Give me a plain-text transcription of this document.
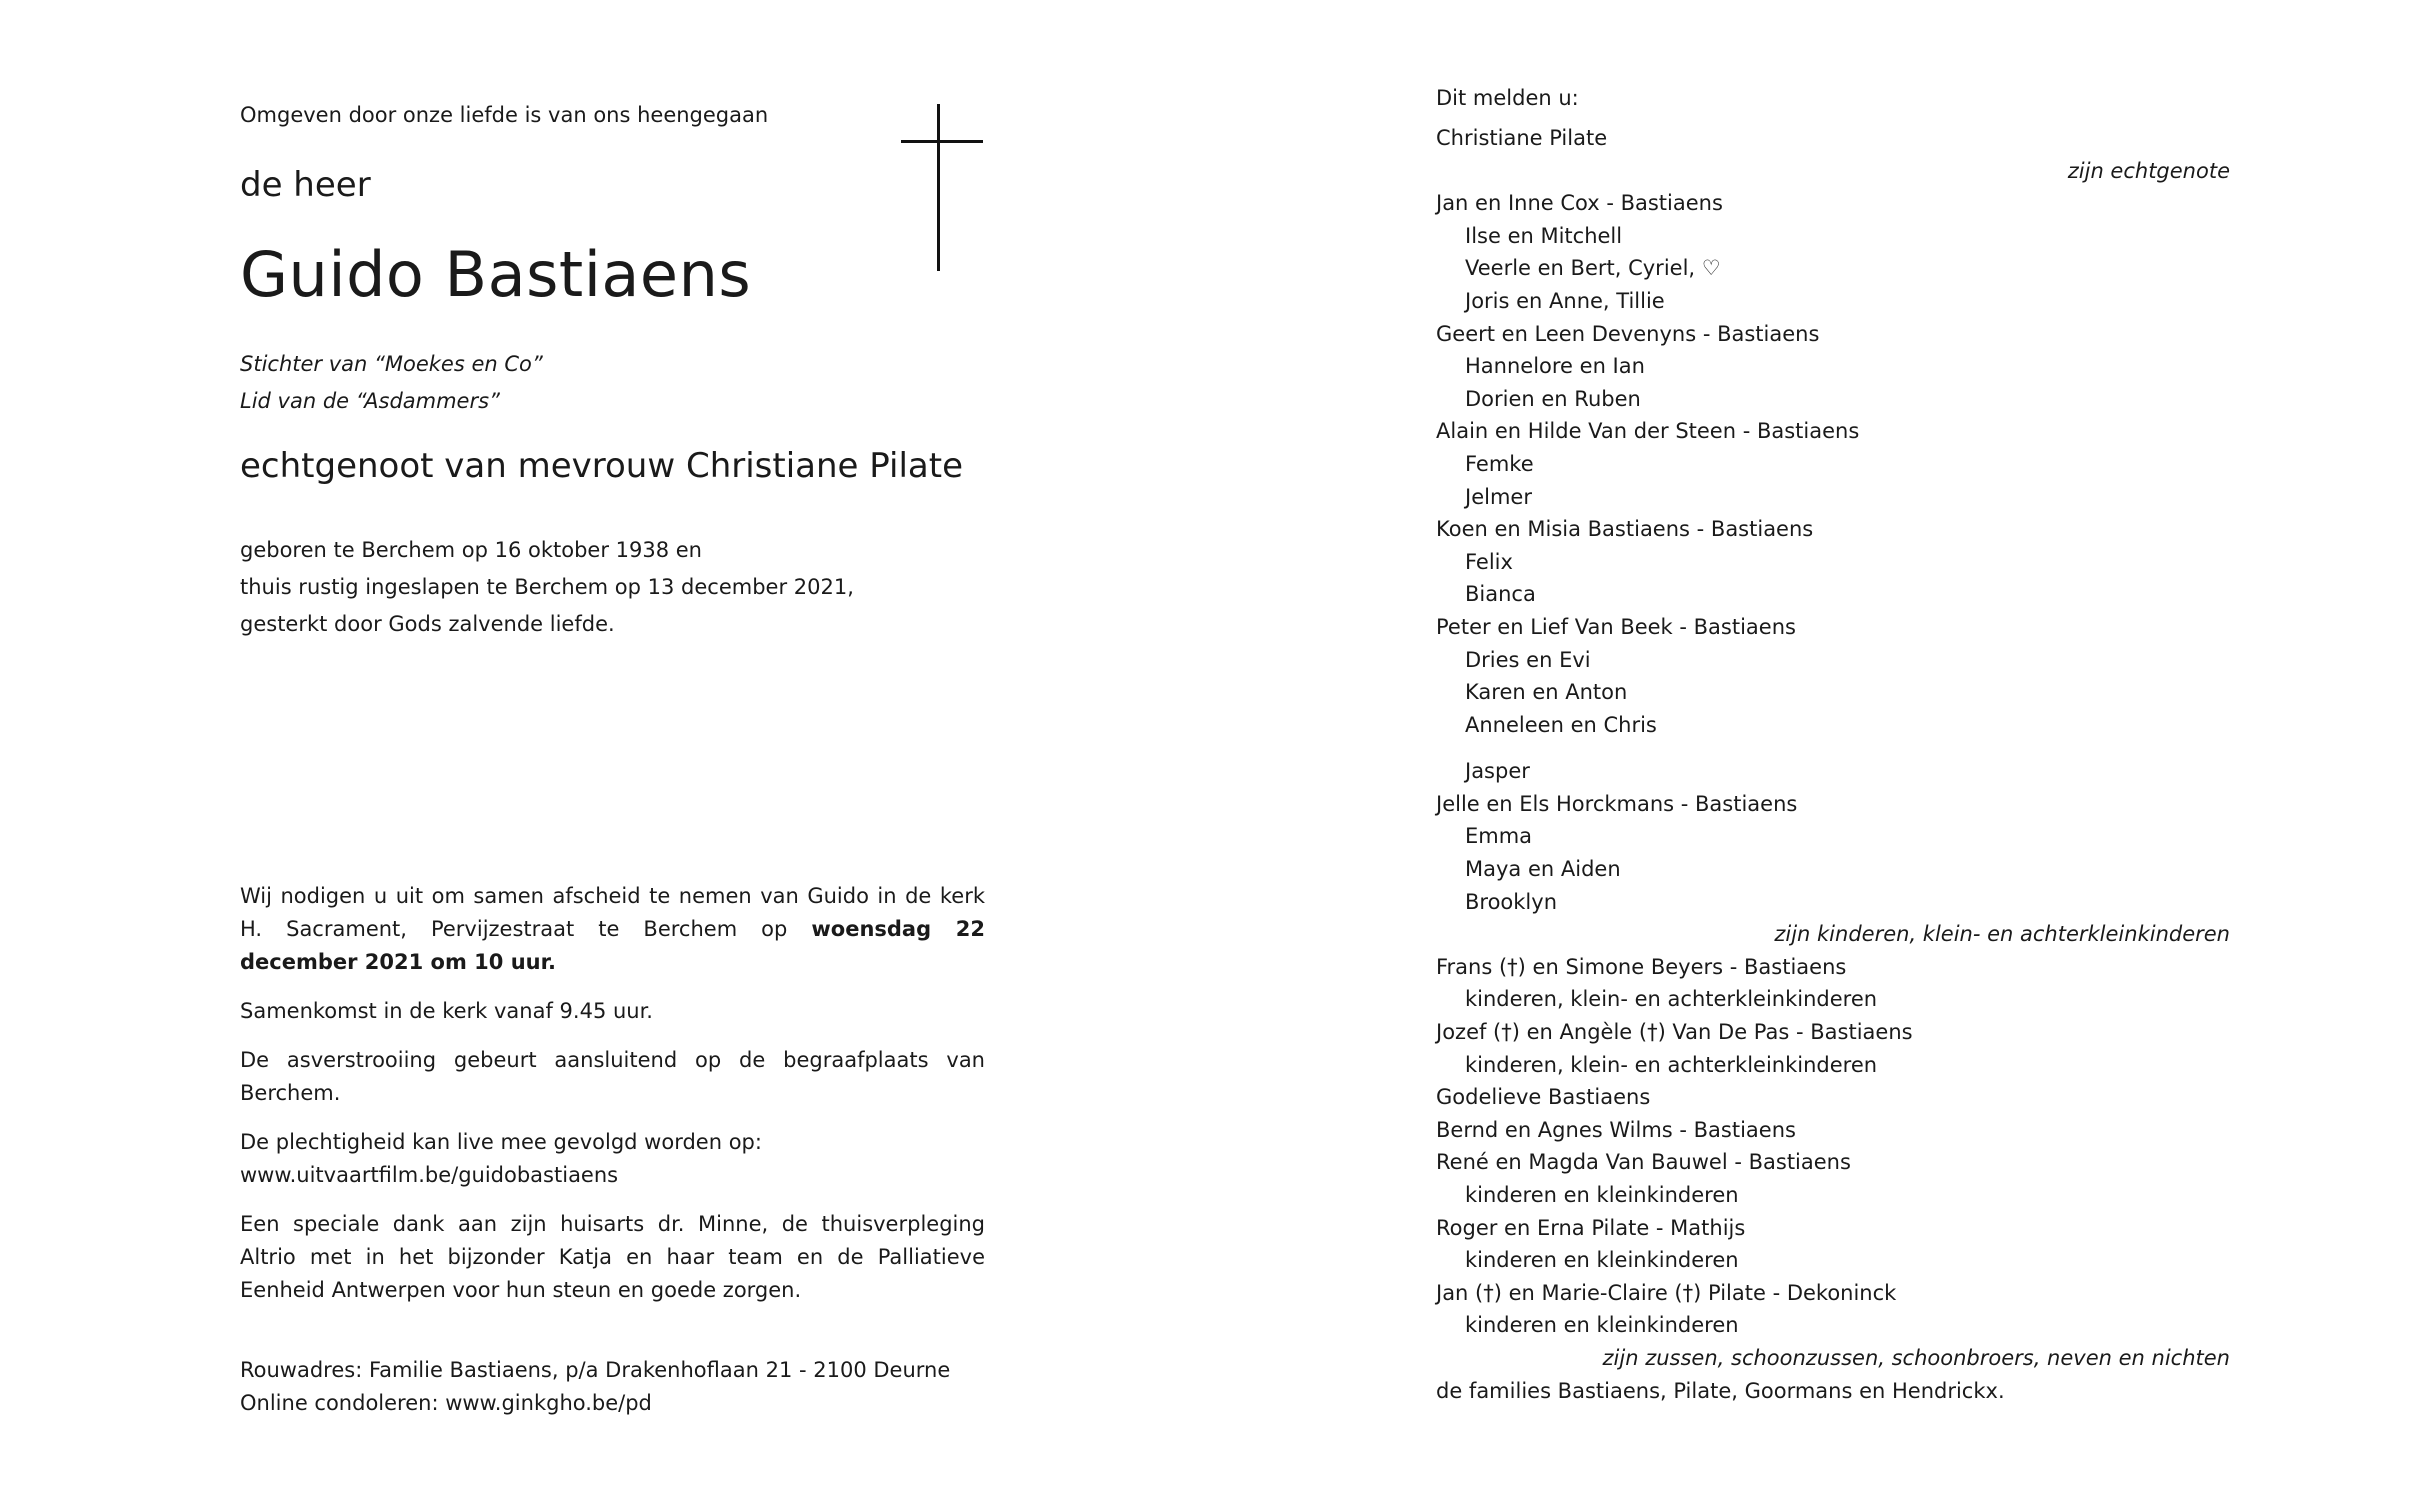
Omgeven door onze liefde is van ons heengegaan
de heer
Guido Bastiaens
Stichter van “Moekes en Co”
Lid van de “Asdammers”
echtgenoot van mevrouw Christiane Pilate
geboren te Berchem op 16 oktober 1938 en
thuis rustig ingeslapen te Berchem op 13 december 2021,
gesterkt door Gods zalvende liefde.

Wij nodigen u uit om samen afscheid te nemen van Guido in de kerk H. Sacrament, Pervijzestraat te Berchem op woensdag 22 december 2021 om 10 uur.

Samenkomst in de kerk vanaf 9.45 uur.

De asverstrooiing gebeurt aansluitend op de begraafplaats van Berchem.

De plechtigheid kan live mee gevolgd worden op:
www.uitvaartfilm.be/guidobastiaens

Een speciale dank aan zijn huisarts dr. Minne, de thuisverpleging Altrio met in het bijzonder Katja en haar team en de Palliatieve Eenheid Antwerpen voor hun steun en goede zorgen.

Rouwadres: Familie Bastiaens, p/a Drakenhoflaan 21 - 2100 Deurne
Online condoleren: www.ginkgho.be/pd
Dit melden u:
Christiane Pilate
zijn echtgenote
Jan en Inne Cox - Bastiaens
Ilse en Mitchell
Veerle en Bert, Cyriel, ♡
Joris en Anne, Tillie
Geert en Leen Devenyns - Bastiaens
Hannelore en Ian
Dorien en Ruben
Alain en Hilde Van der Steen - Bastiaens
Femke
Jelmer
Koen en Misia Bastiaens - Bastiaens
Felix
Bianca
Peter en Lief Van Beek - Bastiaens
Dries en Evi
Karen en Anton
Anneleen en Chris
Jasper
Jelle en Els Horckmans - Bastiaens
Emma
Maya en Aiden
Brooklyn
zijn kinderen, klein- en achterkleinkinderen
Frans (†) en Simone Beyers - Bastiaens
kinderen, klein- en achterkleinkinderen
Jozef (†) en Angèle (†) Van De Pas - Bastiaens
kinderen, klein- en achterkleinkinderen
Godelieve Bastiaens
Bernd en Agnes Wilms - Bastiaens
René en Magda Van Bauwel - Bastiaens
kinderen en kleinkinderen
Roger en Erna Pilate - Mathijs
kinderen en kleinkinderen
Jan (†) en Marie-Claire (†) Pilate - Dekoninck
kinderen en kleinkinderen
zijn zussen, schoonzussen, schoonbroers, neven en nichten
de families Bastiaens, Pilate, Goormans en Hendrickx.
